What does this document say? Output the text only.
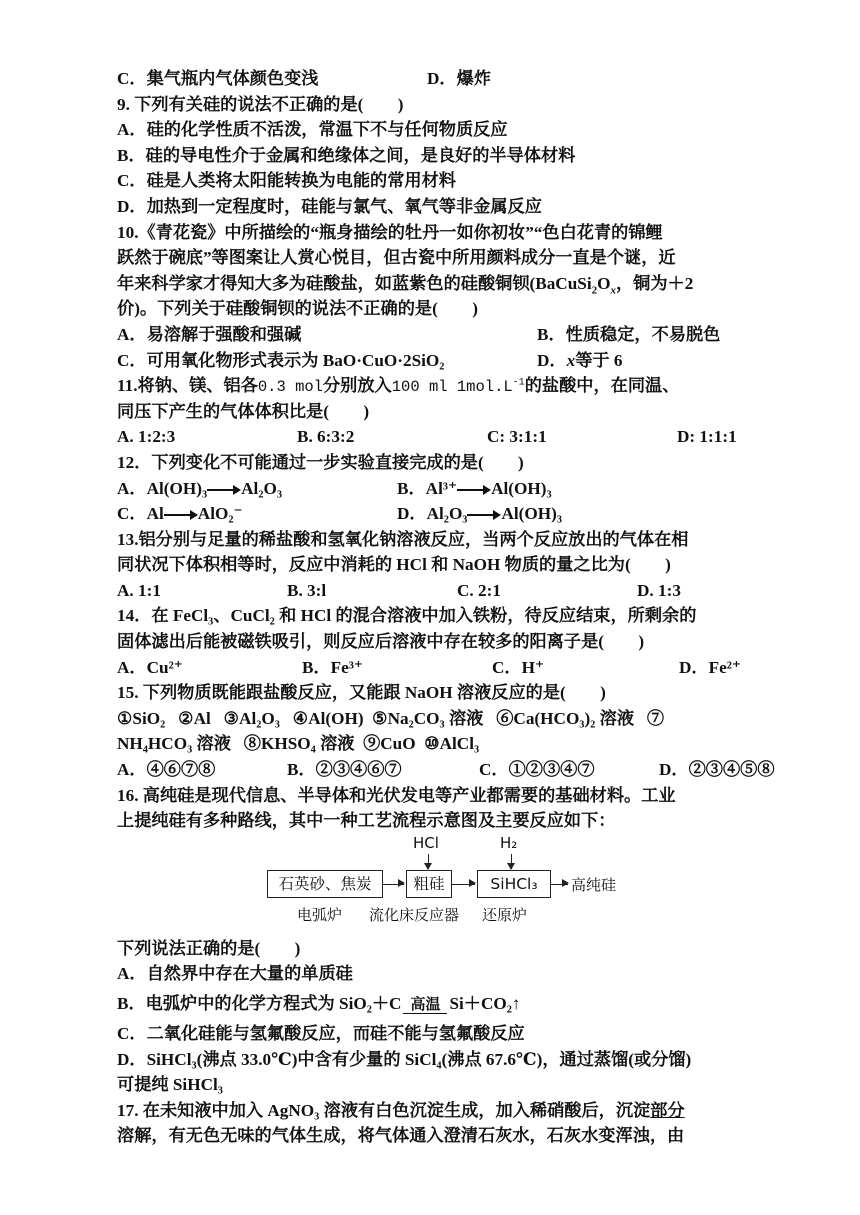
C．集气瓶内气体颜色变浅	D．爆炸
9. 下列有关硅的说法不正确的是(　　)
A．硅的化学性质不活泼，常温下不与任何物质反应
B．硅的导电性介于金属和绝缘体之间，是良好的半导体材料
C．硅是人类将太阳能转换为电能的常用材料
D．加热到一定程度时，硅能与氯气、氧气等非金属反应
10.《青花瓷》中所描绘的“瓶身描绘的牡丹一如你初妆”“色白花青的锦鲤
跃然于碗底”等图案让人赏心悦目，但古瓷中所用颜料成分一直是个谜，近
年来科学家才得知大多为硅酸盐，如蓝紫色的硅酸铜钡($BaCuSi_2O_x$，铜为＋2
价)。下列关于硅酸铜钡的说法不正确的是(　　)
A．易溶解于强酸和强碱	B．性质稳定，不易脱色
C．可用氧化物形式表示为 BaO·CuO·2SiO₂	D．x等于 6
11.将钠、镁、铝各0.3 mol分别放入100 ml $1mol.L^{-1}$的盐酸中，在同温、
同压下产生的气体体积比是(　　)
A. 1:2:3	B. 6:3:2	C: 3:1:1	D: 1:1:1
12．下列变化不可能通过一步实验直接完成的是(　　)
A．Al(OH)₃ Al₂O₃	B．Al³⁺ Al(OH)₃
C．Al AlO₂⁻	D．Al₂O₃ Al(OH)₃
13.铝分别与足量的稀盐酸和氢氧化钠溶液反应，当两个反应放出的气体在相
同状况下体积相等时，反应中消耗的 HCl 和 NaOH 物质的量之比为(　　)
A. 1:1	B. 3:l	C. 2:1	D. 1:3
14．在 FeCl₃、CuCl₂ 和 HCl 的混合溶液中加入铁粉，待反应结束，所剩余的
固体滤出后能被磁铁吸引，则反应后溶液中存在较多的阳离子是(　　)
A．Cu²⁺	B．Fe³⁺	C．H⁺	D．Fe²⁺
15. 下列物质既能跟盐酸反应，又能跟 NaOH 溶液反应的是(　　)
①SiO₂   ②Al   ③Al₂O₃   ④Al(OH)  ⑤Na₂CO₃ 溶液   ⑥Ca(HCO₃)₂ 溶液   ⑦
NH₄HCO₃ 溶液   ⑧KHSO₄ 溶液  ⑨CuO  ⑩AlCl₃
A．④⑥⑦⑧	B．②③④⑥⑦	C．①②③④⑦	D．②③④⑤⑧
16. 高纯硅是现代信息、半导体和光伏发电等产业都需要的基础材料。工业
上提纯硅有多种路线，其中一种工艺流程示意图及主要反应如下：
石英砂、焦炭	粗硅	SiHCl₃	高纯硅
HCl	H₂
电弧炉 流化床反应器 还原炉
下列说法正确的是(　　)
A．自然界中存在大量的单质硅
B．电弧炉中的化学方程式为 SiO₂＋C 高温 Si＋CO₂↑
C．二氧化硅能与氢氟酸反应，而硅不能与氢氟酸反应
D．SiHCl₃(沸点 33.0℃)中含有少量的 SiCl₄(沸点 67.6℃)，通过蒸馏(或分馏)
可提纯 SiHCl₃
17. 在未知液中加入 AgNO₃ 溶液有白色沉淀生成，加入稀硝酸后，沉淀部分
溶解，有无色无味的气体生成，将气体通入澄清石灰水，石灰水变浑浊，由
